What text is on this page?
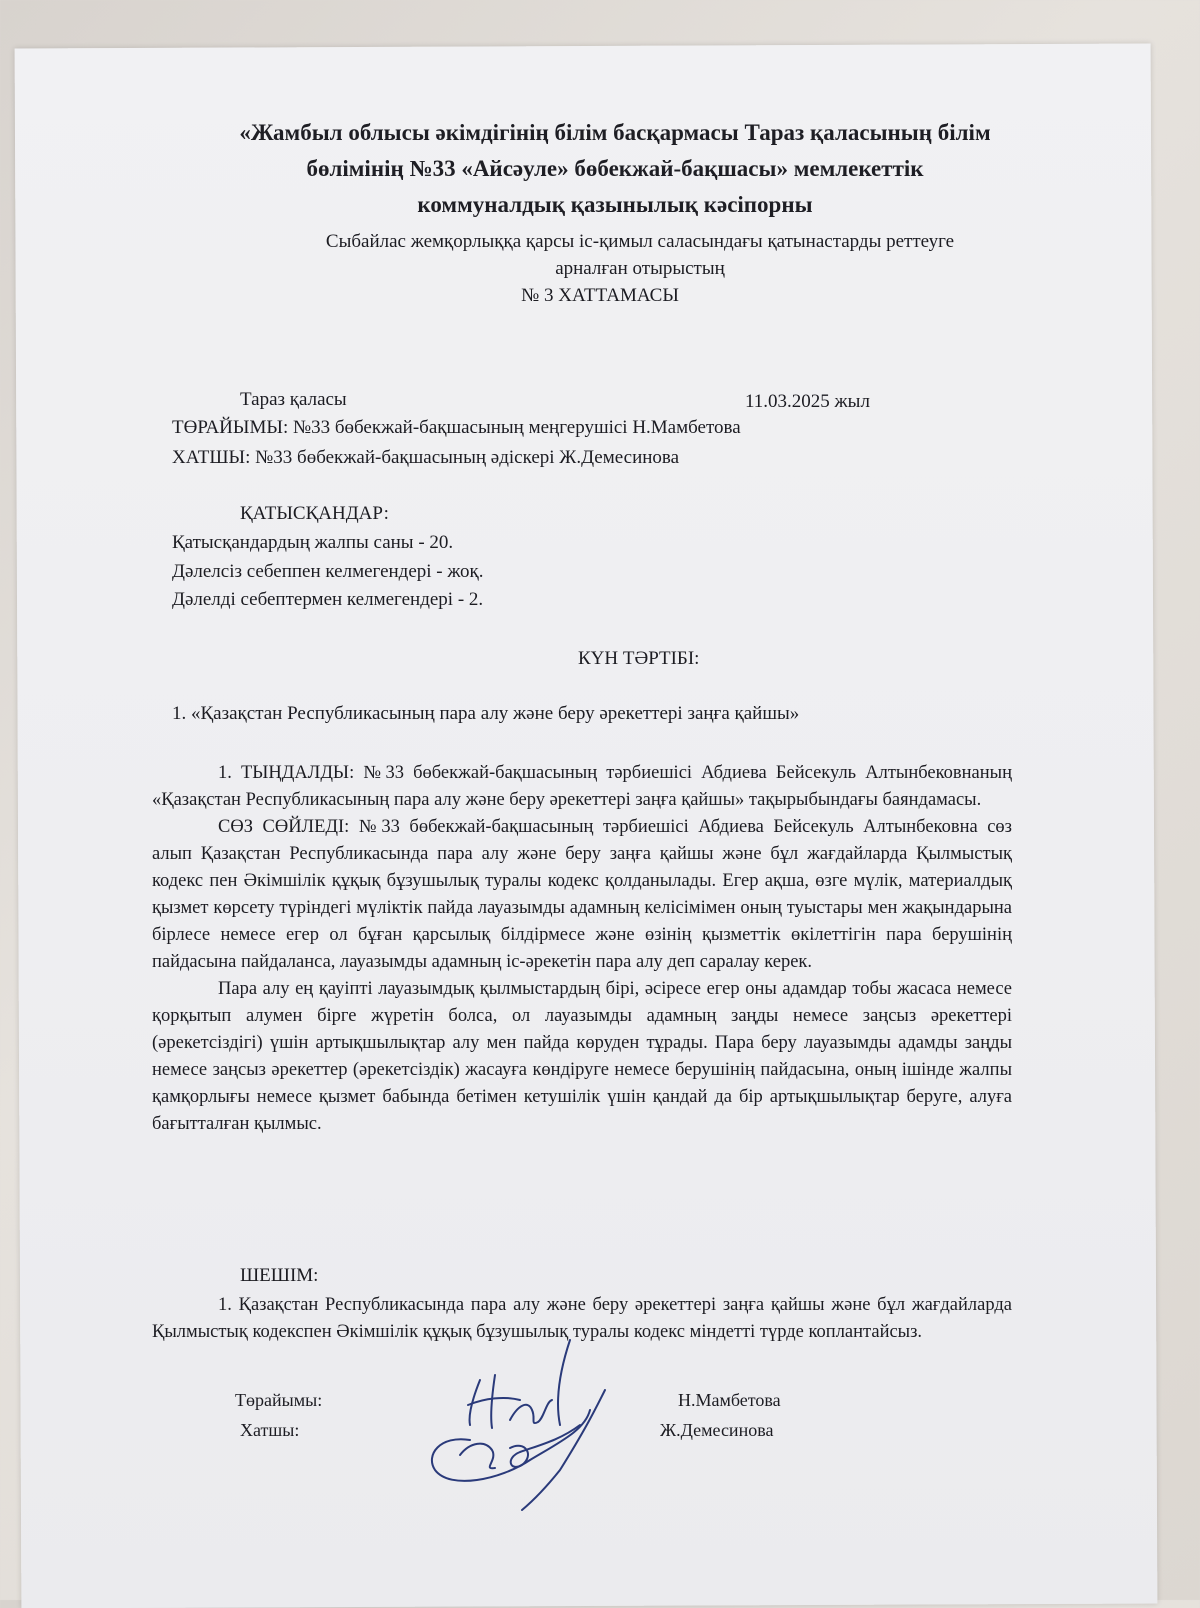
«Жамбыл облысы әкімдігінің білім басқармасы Тараз қаласының білім
бөлімінің №33 «Айсәуле» бөбекжай-бақшасы» мемлекеттік
коммуналдық қазынылық кәсіпорны
Сыбайлас жемқорлыққа қарсы іс-қимыл саласындағы қатынастарды реттеуге
арналған отырыстың
№ 3 ХАТТАМАСЫ
Тараз қаласы	11.03.2025 жыл
ТӨРАЙЫМЫ: №33 бөбекжай-бақшасының меңгерушісі Н.Мамбетова
ХАТШЫ: №33 бөбекжай-бақшасының әдіскері Ж.Демесинова
ҚАТЫСҚАНДАР:
Қатысқандардың жалпы саны - 20.
Дәлелсіз себеппен келмегендері - жоқ.
Дәлелді себептермен келмегендері - 2.
КҮН ТӘРТІБІ:
1. «Қазақстан Республикасының пара алу және беру әрекеттері заңға қайшы»

1. ТЫҢДАЛДЫ: №33 бөбекжай-бақшасының тәрбиешісі Абдиева Бейсекуль Алтынбековнаның «Қазақстан Республикасының пара алу және беру әрекеттері заңға қайшы» тақырыбындағы баяндамасы.

СӨЗ СӨЙЛЕДІ: №33 бөбекжай-бақшасының тәрбиешісі Абдиева Бейсекуль Алтынбековна сөз алып Қазақстан Республикасында пара алу және беру заңға қайшы және бұл жағдайларда Қылмыстық кодекс пен Әкімшілік құқық бұзушылық туралы кодекс қолданылады. Егер ақша, өзге мүлік, материалдық қызмет көрсету түріндегі мүліктік пайда лауазымды адамның келісімімен оның туыстары мен жақындарына бірлесе немесе егер ол бұған қарсылық білдірмесе және өзінің қызметтік өкілеттігін пара берушінің пайдасына пайдаланса, лауазымды адамның іс-әрекетін пара алу деп саралау керек.

Пара алу ең қауіпті лауазымдық қылмыстардың бірі, әсіресе егер оны адамдар тобы жасаса немесе қорқытып алумен бірге жүретін болса, ол лауазымды адамның заңды немесе заңсыз әрекеттері (әрекетсіздігі) үшін артықшылықтар алу мен пайда көруден тұрады. Пара беру лауазымды адамды заңды немесе заңсыз әрекеттер (әрекетсіздік) жасауға көндіруге немесе берушінің пайдасына, оның ішінде жалпы қамқорлығы немесе қызмет бабында бетімен кетушілік үшін қандай да бір артықшылықтар беруге, алуға бағытталған қылмыс.

ШЕШІМ:

1. Қазақстан Республикасында пара алу және беру әрекеттері заңға қайшы және бұл жағдайларда Қылмыстық кодекспен Әкімшілік құқық бұзушылық туралы кодекс міндетті түрде коплантайсыз.

Төрайымы:	Н.Мамбетова
Хатшы:	Ж.Демесинова
